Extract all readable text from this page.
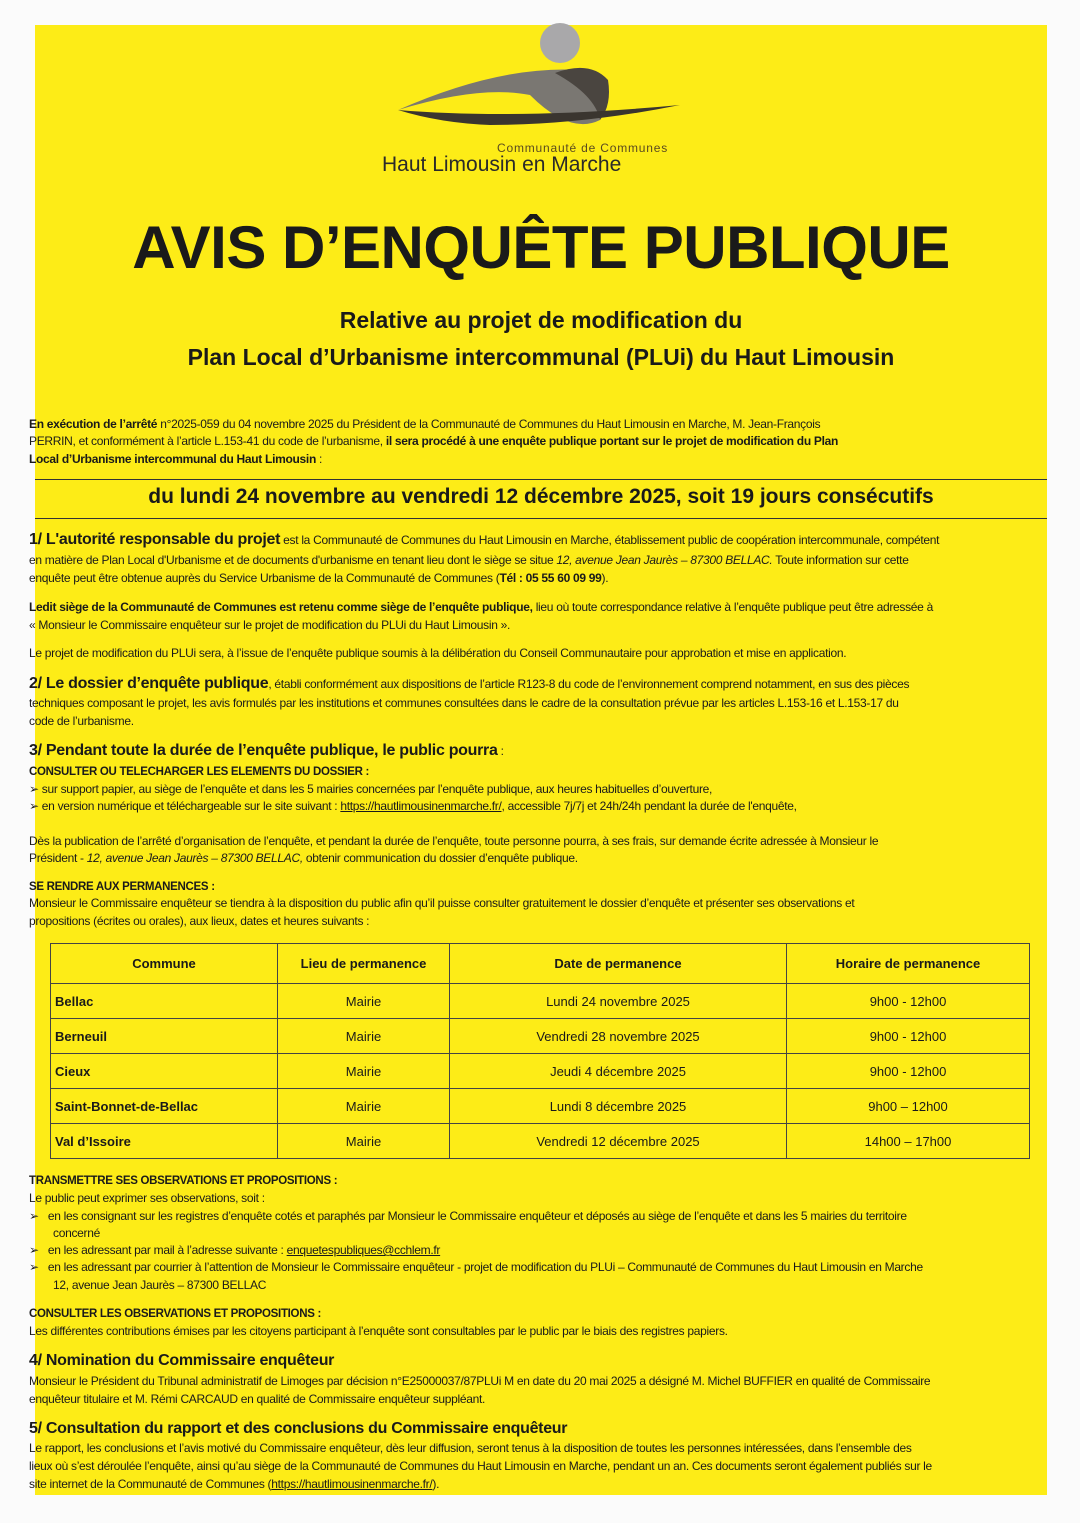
Communauté de Communes
Haut Limousin en Marche
AVIS D’ENQUÊTE PUBLIQUE
Relative au projet de modification du
Plan Local d’Urbanisme intercommunal (PLUi) du Haut Limousin
En exécution de l’arrêté n°2025-059 du 04 novembre 2025 du Président de la Communauté de Communes du Haut Limousin en Marche, M. Jean-François
PERRIN, et conformément à l’article L.153-41 du code de l’urbanisme, il sera procédé à une enquête publique portant sur le projet de modification du Plan
Local d’Urbanisme intercommunal du Haut Limousin :
du lundi 24 novembre au vendredi 12 décembre 2025, soit 19 jours consécutifs
1/ L'autorité responsable du projet est la Communauté de Communes du Haut Limousin en Marche, établissement public de coopération intercommunale, compétent
en matière de Plan Local d'Urbanisme et de documents d'urbanisme en tenant lieu dont le siège se situe 12, avenue Jean Jaurès – 87300 BELLAC. Toute information sur cette
enquête peut être obtenue auprès du Service Urbanisme de la Communauté de Communes (Tél : 05 55 60 09 99).
Ledit siège de la Communauté de Communes est retenu comme siège de l’enquête publique, lieu où toute correspondance relative à l’enquête publique peut être adressée à
« Monsieur le Commissaire enquêteur sur le projet de modification du PLUi du Haut Limousin ».
Le projet de modification du PLUi sera, à l’issue de l’enquête publique soumis à la délibération du Conseil Communautaire pour approbation et mise en application.
2/ Le dossier d’enquête publique, établi conformément aux dispositions de l’article R123-8 du code de l’environnement comprend notamment, en sus des pièces
techniques composant le projet, les avis formulés par les institutions et communes consultées dans le cadre de la consultation prévue par les articles L.153-16 et L.153-17 du
code de l’urbanisme.
3/ Pendant toute la durée de l’enquête publique, le public pourra :
CONSULTER OU TELECHARGER LES ELEMENTS DU DOSSIER :
➢ sur support papier, au siège de l’enquête et dans les 5 mairies concernées par l’enquête publique, aux heures habituelles d’ouverture,
➢ en version numérique et téléchargeable sur le site suivant : https://hautlimousinenmarche.fr/, accessible 7j/7j et 24h/24h pendant la durée de l'enquête,
Dès la publication de l’arrêté d’organisation de l’enquête, et pendant la durée de l’enquête, toute personne pourra, à ses frais, sur demande écrite adressée à Monsieur le
Président - 12, avenue Jean Jaurès – 87300 BELLAC, obtenir communication du dossier d’enquête publique.
SE RENDRE AUX PERMANENCES :
Monsieur le Commissaire enquêteur se tiendra à la disposition du public afin qu’il puisse consulter gratuitement le dossier d’enquête et présenter ses observations et
propositions (écrites ou orales), aux lieux, dates et heures suivants :
Commune	Lieu de permanence	Date de permanence	Horaire de permanence
Bellac	Mairie	Lundi 24 novembre 2025	9h00 - 12h00
Berneuil	Mairie	Vendredi 28 novembre 2025	9h00 - 12h00
Cieux	Mairie	Jeudi 4 décembre 2025	9h00 - 12h00
Saint-Bonnet-de-Bellac	Mairie	Lundi 8 décembre 2025	9h00 – 12h00
Val d’Issoire	Mairie	Vendredi 12 décembre 2025	14h00 – 17h00
TRANSMETTRE SES OBSERVATIONS ET PROPOSITIONS :
Le public peut exprimer ses observations, soit :
➢   en les consignant sur les registres d’enquête cotés et paraphés par Monsieur le Commissaire enquêteur et déposés au siège de l’enquête et dans les 5 mairies du territoire
concerné
➢   en les adressant par mail à l’adresse suivante : enquetespubliques@cchlem.fr
➢   en les adressant par courrier à l’attention de Monsieur le Commissaire enquêteur - projet de modification du PLUi – Communauté de Communes du Haut Limousin en Marche
12, avenue Jean Jaurès – 87300 BELLAC
CONSULTER LES OBSERVATIONS ET PROPOSITIONS :
Les différentes contributions émises par les citoyens participant à l’enquête sont consultables par le public par le biais des registres papiers.
4/ Nomination du Commissaire enquêteur
Monsieur le Président du Tribunal administratif de Limoges par décision n°E25000037/87PLUi M en date du 20 mai 2025 a désigné M. Michel BUFFIER en qualité de Commissaire
enquêteur titulaire et M. Rémi CARCAUD en qualité de Commissaire enquêteur suppléant.
5/ Consultation du rapport et des conclusions du Commissaire enquêteur
Le rapport, les conclusions et l’avis motivé du Commissaire enquêteur, dès leur diffusion, seront tenus à la disposition de toutes les personnes intéressées, dans l’ensemble des
lieux où s’est déroulée l’enquête, ainsi qu’au siège de la Communauté de Communes du Haut Limousin en Marche, pendant un an. Ces documents seront également publiés sur le
site internet de la Communauté de Communes (https://hautlimousinenmarche.fr/).
